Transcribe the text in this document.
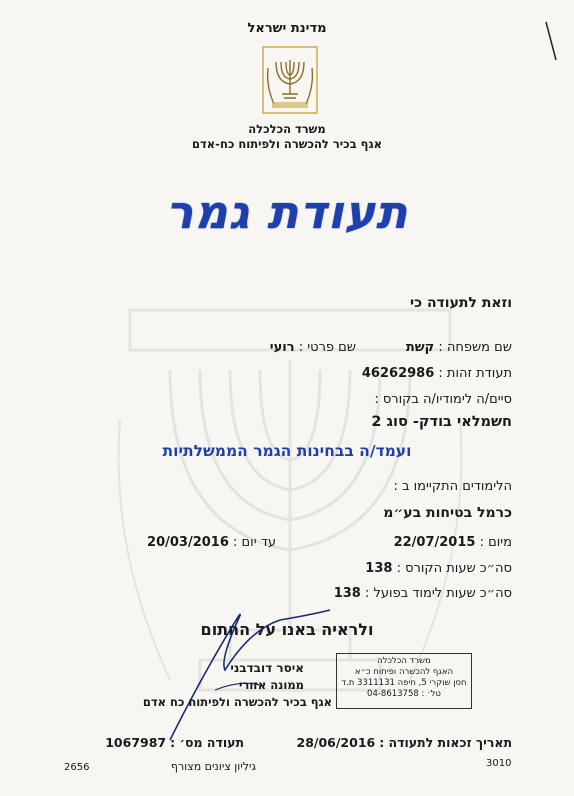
מדינת ישראל
משרד הכלכלה
אגף בכיר להכשרה ולפיתוח כח-אדם
תעודת גמר
וזאת לתעודה כי
שם משפחה : קשת
שם פרטי : רועי
תעודת זהות : 46262986
סיים/ה לימודיו/ה בקורס :
חשמלאי בודק- סוג 2
ועמד/ה בבחינות הגמר הממשלתיות
הלימודים התקיימו ב :
כרמל בטיחות בע״מ
מיום : 22/07/2015
עד יום : 20/03/2016
סה״כ שעות הקורס : 138
סה״כ שעות לימוד בפועל : 138
ולראיה באנו על החתום
איסר דובדבני
ממונה אזורי
אגף בכיר להכשרה ולפיתוח כח אדם
משרד הכלכלה
האגף להכשרה ופיתוח כ״א
חסן שוקרי 5, חיפה 3311131 ת.ד
טל׳ : 04-8613758
תאריך זכאות לתעודה : 28/06/2016
תעודה מס׳ : 1067987
גיליון ציונים מצורף
2656	3010
